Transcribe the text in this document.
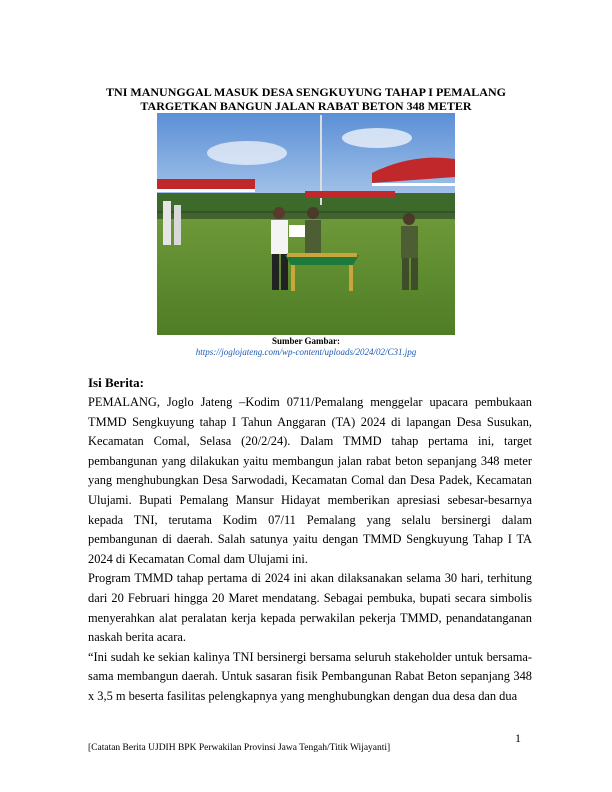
TNI MANUNGGAL MASUK DESA SENGKUYUNG TAHAP I PEMALANG
TARGETKAN BANGUN JALAN RABAT BETON 348 METER
Sumber Gambar:
https://joglojateng.com/wp-content/uploads/2024/02/C31.jpg
Isi Berita:

PEMALANG, Joglo Jateng –Kodim 0711/Pemalang menggelar upacara pembukaan TMMD Sengkuyung tahap I Tahun Anggaran (TA) 2024 di lapangan Desa Susukan, Kecamatan Comal, Selasa (20/2/24). Dalam TMMD tahap pertama ini, target pembangunan yang dilakukan yaitu membangun jalan rabat beton sepanjang 348 meter yang menghubungkan Desa Sarwodadi, Kecamatan Comal dan Desa Padek, Kecamatan Ulujami. Bupati Pemalang Mansur Hidayat memberikan apresiasi sebesar-besarnya kepada TNI, terutama Kodim 07/11 Pemalang yang selalu bersinergi dalam pembangunan di daerah. Salah satunya yaitu dengan TMMD Sengkuyung Tahap I TA 2024 di Kecamatan Comal dam Ulujami ini.

Program TMMD tahap pertama di 2024 ini akan dilaksanakan selama 30 hari, terhitung dari 20 Februari hingga 20 Maret mendatang. Sebagai pembuka, bupati secara simbolis menyerahkan alat peralatan kerja kepada perwakilan pekerja TMMD, penandatanganan naskah berita acara.

“Ini sudah ke sekian kalinya TNI bersinergi bersama seluruh stakeholder untuk bersama-sama membangun daerah. Untuk sasaran fisik Pembangunan Rabat Beton sepanjang 348 x 3,5 m beserta fasilitas pelengkapnya yang menghubungkan dengan dua desa dan dua

1
[Catatan Berita UJDIH BPK Perwakilan Provinsi Jawa Tengah/Titik Wijayanti]
